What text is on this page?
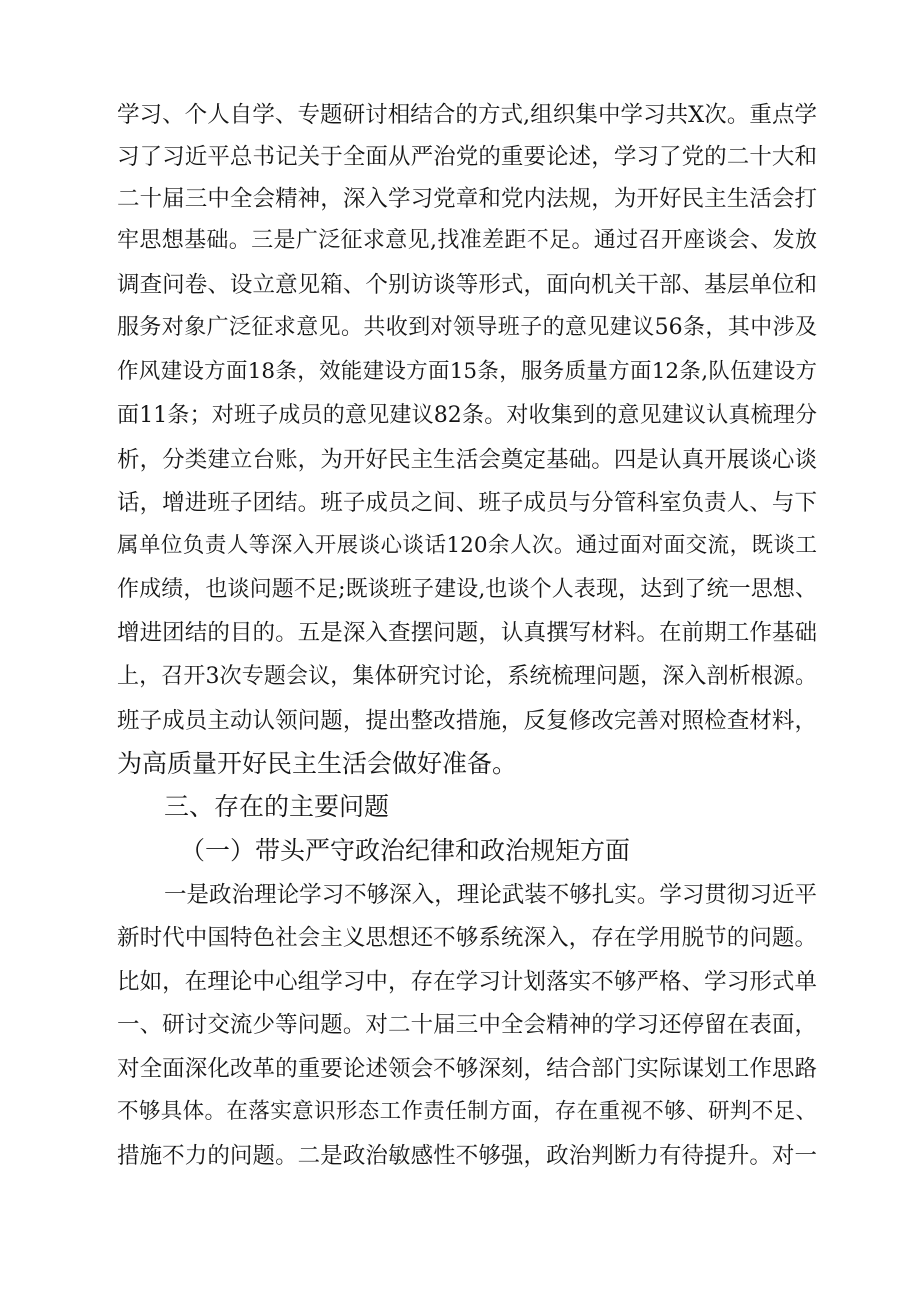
学习、个人自学、专题研讨相结合的方式,组织集中学习共X次。重点学
习了习近平总书记关于全面从严治党的重要论述，学习了党的二十大和
二十届三中全会精神，深入学习党章和党内法规，为开好民主生活会打
牢思想基础。三是广泛征求意见,找准差距不足。通过召开座谈会、发放
调查问卷、设立意见箱、个别访谈等形式，面向机关干部、基层单位和
服务对象广泛征求意见。共收到对领导班子的意见建议56条，其中涉及
作风建设方面18条，效能建设方面15条，服务质量方面12条,队伍建设方
面11条；对班子成员的意见建议82条。对收集到的意见建议认真梳理分
析，分类建立台账，为开好民主生活会奠定基础。四是认真开展谈心谈
话，增进班子团结。班子成员之间、班子成员与分管科室负责人、与下
属单位负责人等深入开展谈心谈话120余人次。通过面对面交流，既谈工
作成绩，也谈问题不足;既谈班子建设,也谈个人表现，达到了统一思想、
增进团结的目的。五是深入查摆问题，认真撰写材料。在前期工作基础
上，召开3次专题会议，集体研究讨论，系统梳理问题，深入剖析根源。
班子成员主动认领问题，提出整改措施，反复修改完善对照检查材料，
为高质量开好民主生活会做好准备。
三、存在的主要问题
（一）带头严守政治纪律和政治规矩方面
一是政治理论学习不够深入，理论武装不够扎实。学习贯彻习近平
新时代中国特色社会主义思想还不够系统深入，存在学用脱节的问题。
比如，在理论中心组学习中，存在学习计划落实不够严格、学习形式单
一、研讨交流少等问题。对二十届三中全会精神的学习还停留在表面，
对全面深化改革的重要论述领会不够深刻，结合部门实际谋划工作思路
不够具体。在落实意识形态工作责任制方面，存在重视不够、研判不足、
措施不力的问题。二是政治敏感性不够强，政治判断力有待提升。对一
